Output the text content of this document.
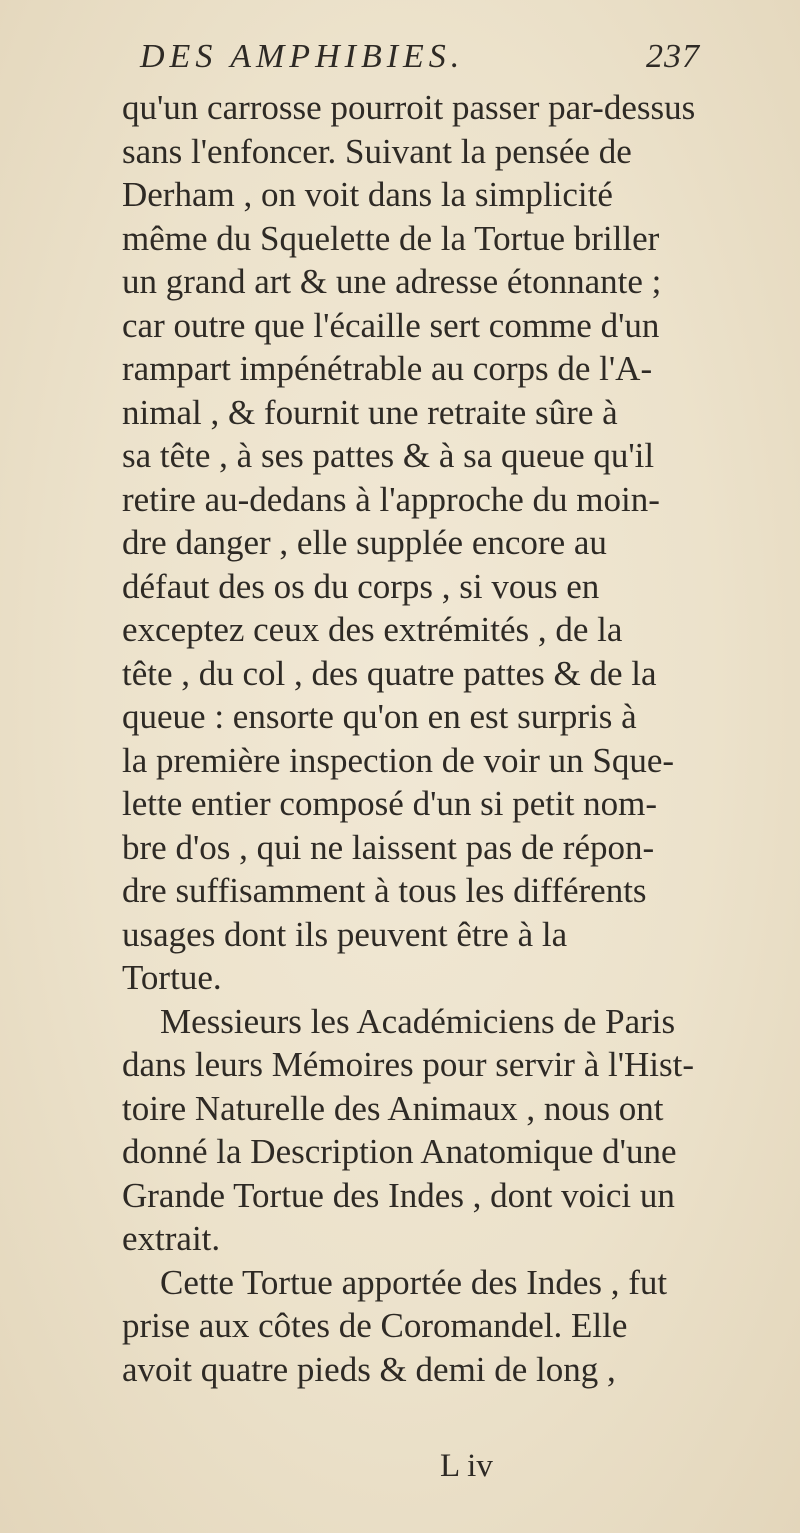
DES AMPHIBIES.	237
qu'un carrosse pourroit passer par-dessus
sans l'enfoncer. Suivant la pensée de
Derham , on voit dans la simplicité
même du Squelette de la Tortue briller
un grand art & une adresse étonnante ;
car outre que l'écaille sert comme d'un
rampart impénétrable au corps de l'A-
nimal , & fournit une retraite sûre à
sa tête , à ses pattes & à sa queue qu'il
retire au-dedans à l'approche du moin-
dre danger , elle supplée encore au
défaut des os du corps , si vous en
exceptez ceux des extrémités , de la
tête , du col , des quatre pattes & de la
queue : ensorte qu'on en est surpris à
la première inspection de voir un Sque-
lette entier composé d'un si petit nom-
bre d'os , qui ne laissent pas de répon-
dre suffisamment à tous les différents
usages dont ils peuvent être à la
Tortue.
Messieurs les Académiciens de Paris
dans leurs Mémoires pour servir à l'Hist-
toire Naturelle des Animaux , nous ont
donné la Description Anatomique d'une
Grande Tortue des Indes , dont voici un
extrait.
Cette Tortue apportée des Indes , fut
prise aux côtes de Coromandel. Elle
avoit quatre pieds & demi de long ,
L iv
